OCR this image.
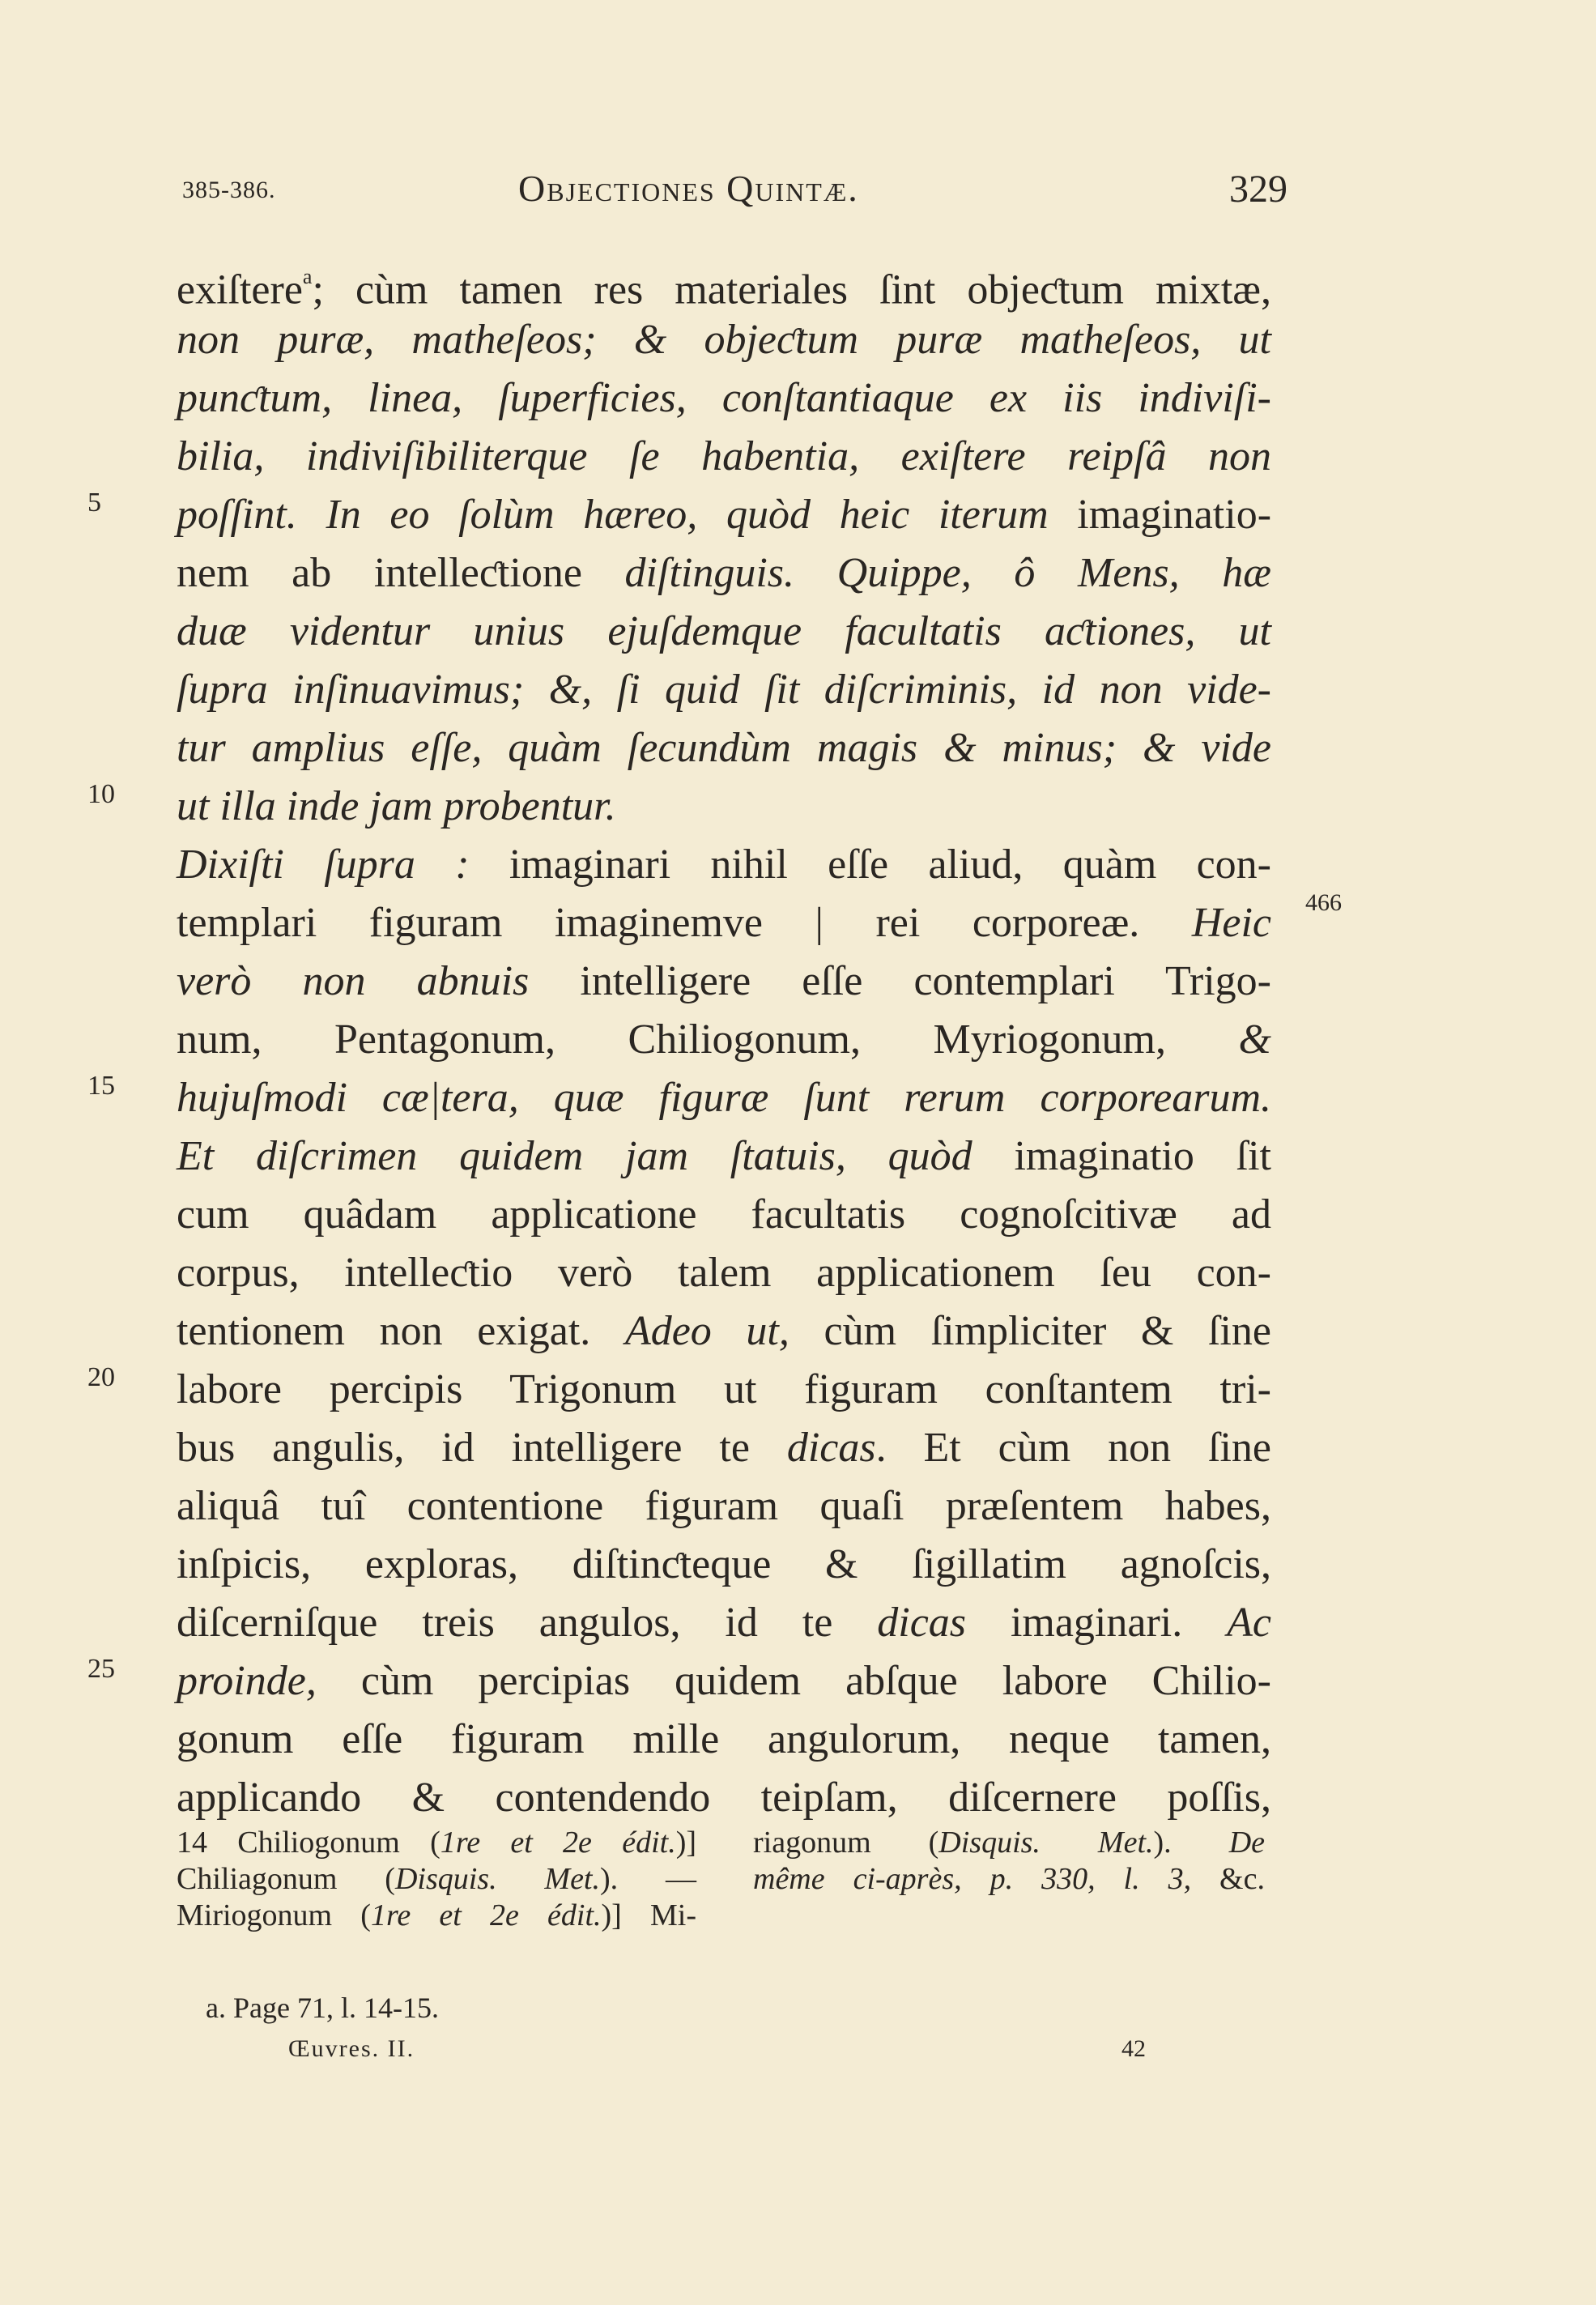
385-386.	Objectiones Quintæ.	329
exiſtere$^a$; cùm tamen res materiales ſint objeƈtum mixtæ,
non puræ, matheſeos; & objeƈtum puræ matheſeos, ut
punƈtum, linea, ſuperficies, conſtantiaque ex iis indiviſi-
bilia, indiviſibiliterque ſe habentia, exiſtere reipſâ non
poſſint. In eo ſolùm hæreo, quòd heic iterum imaginatio-
nem ab intelleƈtione diſtinguis. Quippe, ô Mens, hæ
duæ videntur unius ejuſdemque facultatis aƈtiones, ut
ſupra inſinuavimus; &, ſi quid ſit diſcriminis, id non vide-
tur amplius eſſe, quàm ſecundùm magis & minus; & vide
ut illa inde jam probentur.
Dixiſti ſupra : imaginari nihil eſſe aliud, quàm con-
templari figuram imaginemve | rei corporeæ. Heic
verò non abnuis intelligere eſſe contemplari Trigo-
num, Pentagonum, Chiliogonum, Myriogonum, &
hujuſmodi cæ|tera, quæ figuræ ſunt rerum corporearum.
Et diſcrimen quidem jam ſtatuis, quòd imaginatio ſit
cum quâdam applicatione facultatis cognoſcitivæ ad
corpus, intelleƈtio verò talem applicationem ſeu con-
tentionem non exigat. Adeo ut, cùm ſimpliciter & ſine
labore percipis Trigonum ut figuram conſtantem tri-
bus angulis, id intelligere te dicas. Et cùm non ſine
aliquâ tuî contentione figuram quaſi præſentem habes,
inſpicis, exploras, diſtinƈteque & ſigillatim agnoſcis,
diſcerniſque treis angulos, id te dicas imaginari. Ac
proinde, cùm percipias quidem abſque labore Chilio-
gonum eſſe figuram mille angulorum, neque tamen,
applicando & contendendo teipſam, diſcernere poſſis,
5
10
15
20
25
466
14 Chiliogonum (1re et 2e édit.)]
Chiliagonum (Disquis. Met.). —
Miriogonum (1re et 2e édit.)] Mi-
riagonum (Disquis. Met.). De
même ci-après, p. 330, l. 3, &c.
a. Page 71, l. 14-15.
Œuvres. II.	42
